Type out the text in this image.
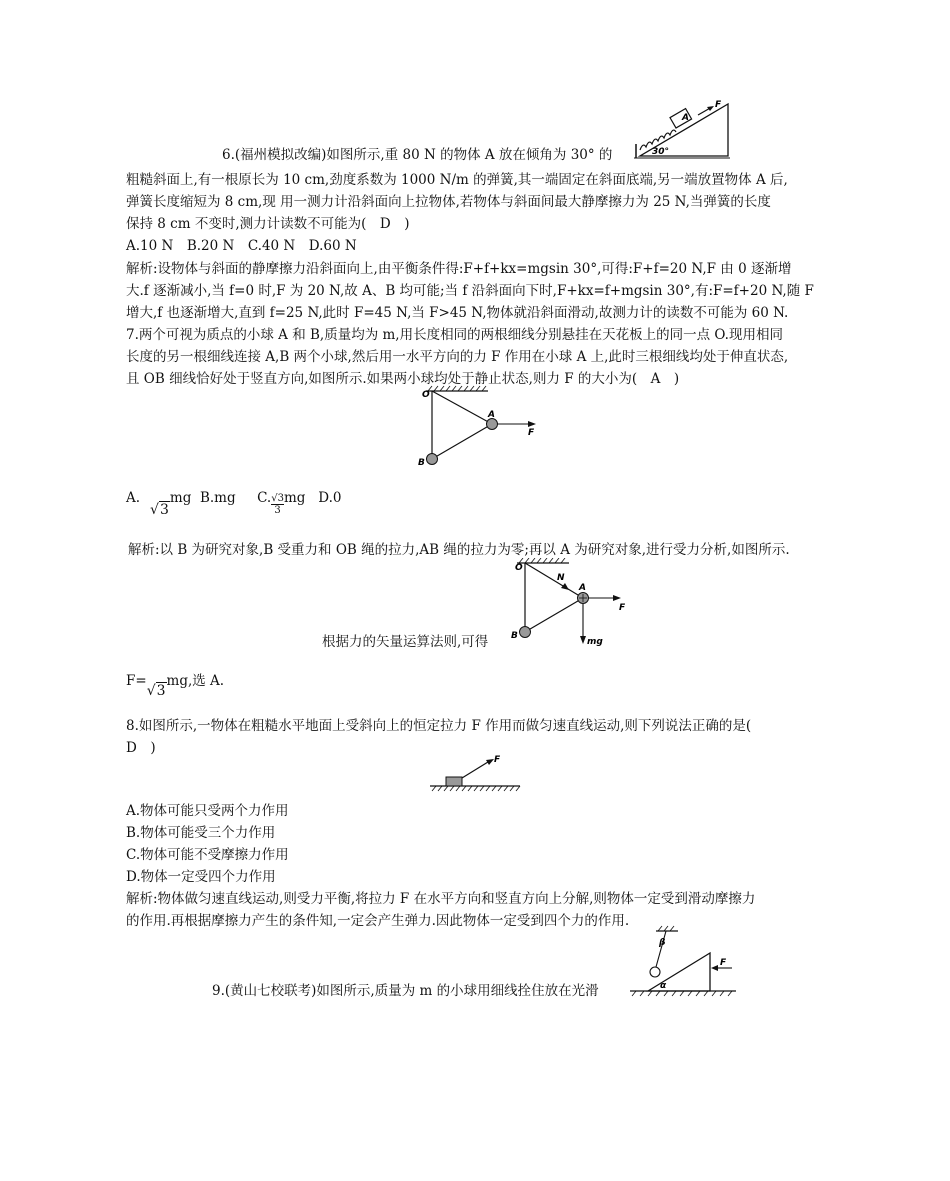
A
F
30°
6.(福州模拟改编)如图所示,重 80 N 的物体 A 放在倾角为 30° 的
粗糙斜面上,有一根原长为 10 cm,劲度系数为 1000 N/m 的弹簧,其一端固定在斜面底端,另一端放置物体 A 后,
弹簧长度缩短为 8 cm,现 用一测力计沿斜面向上拉物体,若物体与斜面间最大静摩擦力为 25 N,当弹簧的长度
保持 8 cm 不变时,测力计读数不可能为(　D　)
A.10 N　B.20 N　C.40 N　D.60 N
解析:设物体与斜面的静摩擦力沿斜面向上,由平衡条件得:F+f+kx=mgsin 30°,可得:F+f=20 N,F 由 0 逐渐增
大.f 逐渐减小,当 f=0 时,F 为 20 N,故 A、B 均可能;当 f 沿斜面向下时,F+kx=f+mgsin 30°,有:F=f+20 N,随 F
增大,f 也逐渐增大,直到 f=25 N,此时 F=45 N,当 F>45 N,物体就沿斜面滑动,故测力计的读数不可能为 60 N.
7.两个可视为质点的小球 A 和 B,质量均为 m,用长度相同的两根细线分别悬挂在天花板上的同一点 O.现用相同
长度的另一根细线连接 A,B 两个小球,然后用一水平方向的力 F 作用在小球 A 上,此时三根细线均处于伸直状态,
且 OB 细线恰好处于竖直方向,如图所示.如果两小球均处于静止状态,则力 F 的大小为(　A　)
O
A
B
F
A.√3mg B.mg C. $\frac{√3}{3}mg$ D.0
解析:以 B 为研究对象,B 受重力和 OB 绳的拉力,AB 绳的拉力为零;再以 A 为研究对象,进行受力分析,如图所示.
O
N
A
B
F
mg
根据力的矢量运算法则,可得
F=√3mg,选 A.
8.如图所示,一物体在粗糙水平地面上受斜向上的恒定拉力 F 作用而做匀速直线运动,则下列说法正确的是(
D　)
F
A.物体可能只受两个力作用
B.物体可能受三个力作用
C.物体可能不受摩擦力作用
D.物体一定受四个力作用
解析:物体做匀速直线运动,则受力平衡,将拉力 F 在水平方向和竖直方向上分解,则物体一定受到滑动摩擦力
的作用.再根据摩擦力产生的条件知,一定会产生弹力.因此物体一定受到四个力的作用.
F
β
α
9.(黄山七校联考)如图所示,质量为 m 的小球用细线拴住放在光滑
